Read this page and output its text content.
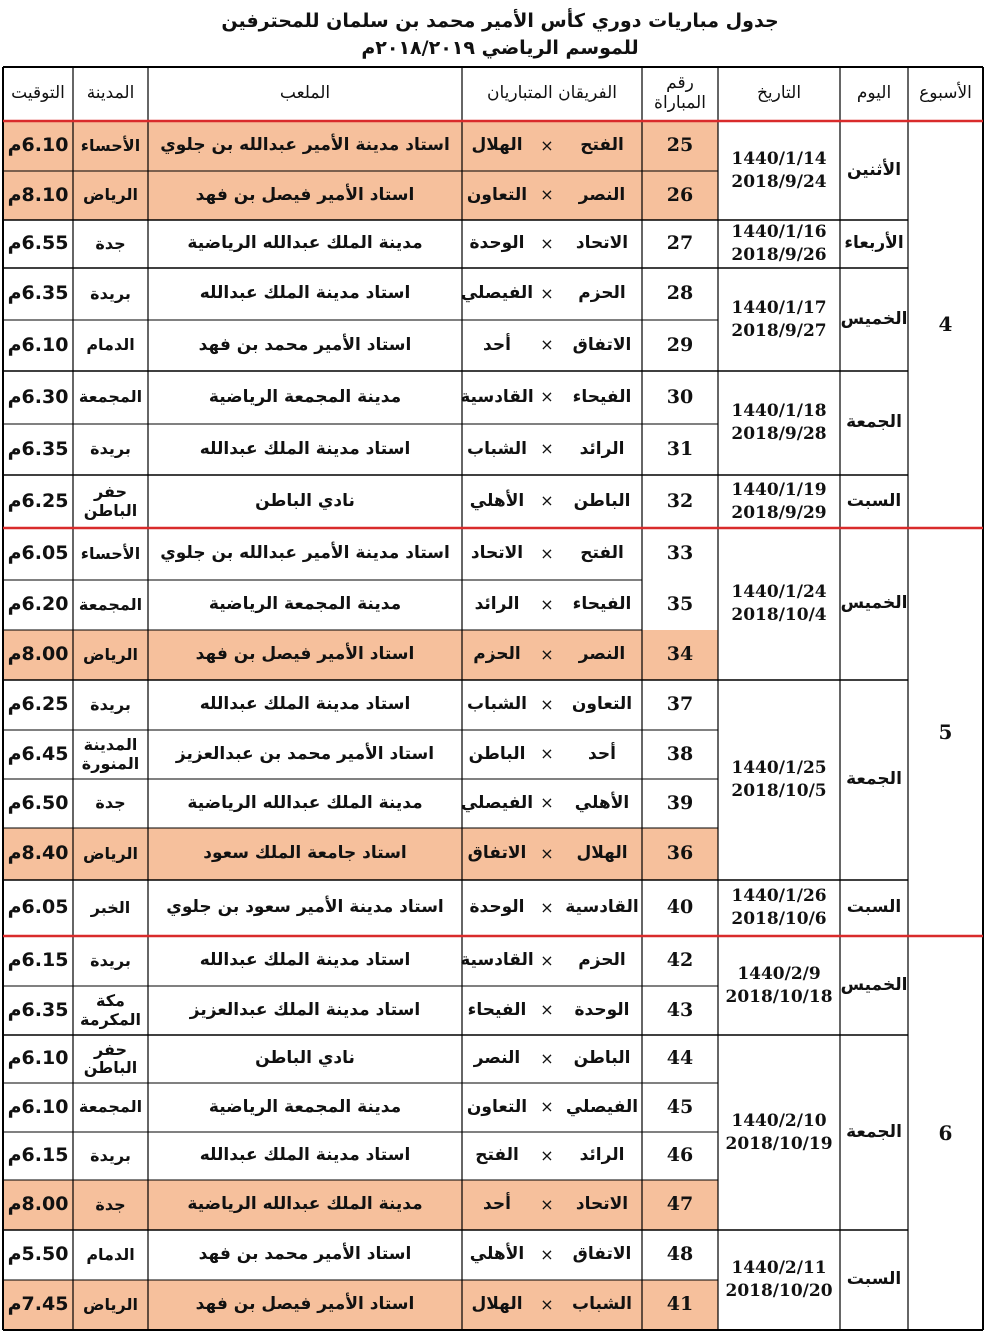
جدول مباريات دوري كأس الأمير محمد بن سلمان للمحترفين
للموسم الرياضي ٢٠١٨/٢٠١٩م
الأسبوع
اليوم
التاريخ
رقم المباراة
الفريقان المتباريان
الملعب
المدينة
التوقيت
25
الفتح
×
الهلال
استاد مدينة الأمير عبدالله بن جلوي
الأحساء
6.10م
26
النصر
×
التعاون
استاد الأمير فيصل بن فهد
الرياض
8.10م
27
الاتحاد
×
الوحدة
مدينة الملك عبدالله الرياضية
جدة
6.55م
28
الحزم
×
الفيصلي
استاد مدينة الملك عبدالله
بريدة
6.35م
29
الاتفاق
×
أحد
استاد الأمير محمد بن فهد
الدمام
6.10م
30
الفيحاء
×
القادسية
مدينة المجمعة الرياضية
المجمعة
6.30م
31
الرائد
×
الشباب
استاد مدينة الملك عبدالله
بريدة
6.35م
32
الباطن
×
الأهلي
نادي الباطن
حفر الباطن
6.25م
33
الفتح
×
الاتحاد
استاد مدينة الأمير عبدالله بن جلوي
الأحساء
6.05م
35
الفيحاء
×
الرائد
مدينة المجمعة الرياضية
المجمعة
6.20م
34
النصر
×
الحزم
استاد الأمير فيصل بن فهد
الرياض
8.00م
37
التعاون
×
الشباب
استاد مدينة الملك عبدالله
بريدة
6.25م
38
أحد
×
الباطن
استاد الأمير محمد بن عبدالعزيز
المدينة المنورة
6.45م
39
الأهلي
×
الفيصلي
مدينة الملك عبدالله الرياضية
جدة
6.50م
36
الهلال
×
الاتفاق
استاد جامعة الملك سعود
الرياض
8.40م
40
القادسية
×
الوحدة
استاد مدينة الأمير سعود بن جلوي
الخبر
6.05م
42
الحزم
×
القادسية
استاد مدينة الملك عبدالله
بريدة
6.15م
43
الوحدة
×
الفيحاء
استاد مدينة الملك عبدالعزيز
مكة المكرمة
6.35م
44
الباطن
×
النصر
نادي الباطن
حفر الباطن
6.10م
45
الفيصلي
×
التعاون
مدينة المجمعة الرياضية
المجمعة
6.10م
46
الرائد
×
الفتح
استاد مدينة الملك عبدالله
بريدة
6.15م
47
الاتحاد
×
أحد
مدينة الملك عبدالله الرياضية
جدة
8.00م
48
الاتفاق
×
الأهلي
استاد الأمير محمد بن فهد
الدمام
5.50م
41
الشباب
×
الهلال
استاد الأمير فيصل بن فهد
الرياض
7.45م
الأثنين
1440/1/14
2018/9/24
الأربعاء
1440/1/16
2018/9/26
الخميس
1440/1/17
2018/9/27
الجمعة
1440/1/18
2018/9/28
السبت
1440/1/19
2018/9/29
الخميس
1440/1/24
2018/10/4
الجمعة
1440/1/25
2018/10/5
السبت
1440/1/26
2018/10/6
الخميس
1440/2/9
2018/10/18
الجمعة
1440/2/10
2018/10/19
السبت
1440/2/11
2018/10/20
4
5
6
